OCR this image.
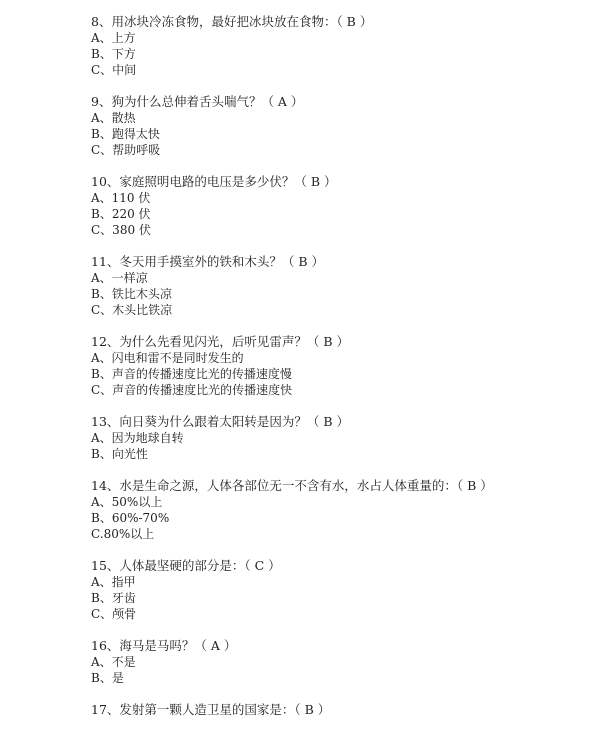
8、用冰块冷冻食物，最好把冰块放在食物：（ B ）
A、上方
B、下方
C、中间
9、狗为什么总伸着舌头喘气？（ A ）
A、散热
B、跑得太快
C、帮助呼吸
10、家庭照明电路的电压是多少伏？（ B ）
A、110 伏
B、220 伏
C、380 伏
11、冬天用手摸室外的铁和木头？（ B ）
A、一样凉
B、铁比木头凉
C、木头比铁凉
12、为什么先看见闪光，后听见雷声？（ B ）
A、闪电和雷不是同时发生的
B、声音的传播速度比光的传播速度慢
C、声音的传播速度比光的传播速度快
13、向日葵为什么跟着太阳转是因为？（ B ）
A、因为地球自转
B、向光性
14、水是生命之源，人体各部位无一不含有水，水占人体重量的：（ B ）
A、50%以上
B、60%-70%
C.80%以上
15、人体最坚硬的部分是：（ C ）
A、指甲
B、牙齿
C、颅骨
16、海马是马吗？（ A ）
A、不是
B、是
17、发射第一颗人造卫星的国家是：（ B ）
